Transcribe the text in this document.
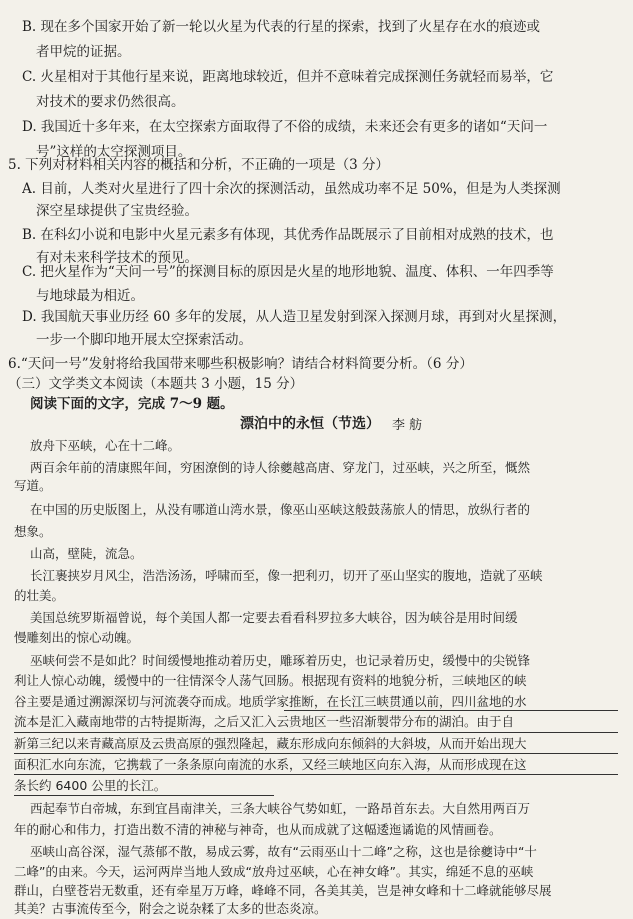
B. 现在多个国家开始了新一轮以火星为代表的行星的探索，找到了火星存在水的痕迹或
者甲烷的证据。
C. 火星相对于其他行星来说，距离地球较近，但并不意味着完成探测任务就轻而易举，它
对技术的要求仍然很高。
D. 我国近十多年来，在太空探索方面取得了不俗的成绩，未来还会有更多的诸如“天问一
号”这样的太空探测项目。
5. 下列对材料相关内容的概括和分析，不正确的一项是（3 分）
A. 目前，人类对火星进行了四十余次的探测活动，虽然成功率不足 50%，但是为人类探测
深空星球提供了宝贵经验。
B. 在科幻小说和电影中火星元素多有体现，其优秀作品既展示了目前相对成熟的技术，也
有对未来科学技术的预见。
C. 把火星作为“天问一号”的探测目标的原因是火星的地形地貌、温度、体积、一年四季等
与地球最为相近。
D. 我国航天事业历经 60 多年的发展，从人造卫星发射到深入探测月球，再到对火星探测，
一步一个脚印地开展太空探索活动。
6.“天问一号”发射将给我国带来哪些积极影响？请结合材料简要分析。（6 分）
（三）文学类文本阅读（本题共 3 小题，15 分）
阅读下面的文字，完成 7～9 题。
漂泊中的永恒（节选） 李 舫
放舟下巫峡，心在十二峰。
两百余年前的清康熙年间，穷困潦倒的诗人徐夔越高唐、穿龙门，过巫峡，兴之所至，慨然
写道。
在中国的历史版图上，从没有哪道山湾水景，像巫山巫峡这般鼓荡旅人的情思，放纵行者的
想象。
山高，壁陡，流急。
长江裹挟岁月风尘，浩浩汤汤，呼啸而至，像一把利刃，切开了巫山坚实的腹地，造就了巫峡
的壮美。
美国总统罗斯福曾说，每个美国人都一定要去看看科罗拉多大峡谷，因为峡谷是用时间缓
慢雕刻出的惊心动魄。
巫峡何尝不是如此？时间缓慢地推动着历史，雕琢着历史，也记录着历史，缓慢中的尖锐锋
利让人惊心动魄，缓慢中的一往情深令人荡气回肠。根据现有资料的地貌分析，三峡地区的峡
谷主要是通过溯源深切与河流袭夺而成。地质学家推断，在长江三峡贯通以前，四川盆地的水
流本是汇入藏南地带的古特提斯海，之后又汇入云贵地区一些沼渐製带分布的湖泊。由于自
新第三纪以来青藏高原及云贵高原的强烈隆起，藏东形成向东倾斜的大斜坡，从而开始出现大
面积汇水向东流，它携载了一条条原向南流的水系，又经三峡地区向东入海，从而形成现在这
条长约 6400 公里的长江。
西起奉节白帝城，东到宜昌南津关，三条大峡谷气势如虹，一路昂首东去。大自然用两百万
年的耐心和伟力，打造出数不清的神秘与神奇，也从而成就了这幅逶迤谲诡的风情画卷。
巫峡山高谷深，湿气蒸郁不散，易成云雾，故有“云雨巫山十二峰”之称，这也是徐夔诗中“十
二峰”的由来。今天，运河两岸当地人致成“放舟过巫峡，心在神女峰”。其实，绵延不息的巫峡
群山，白壁苍岩无数重，还有牵星万万峰，峰峰不同，各美其美，岂是神女峰和十二峰就能够尽展
其美？古事流传至今，附会之说杂糅了太多的世态炎凉。
